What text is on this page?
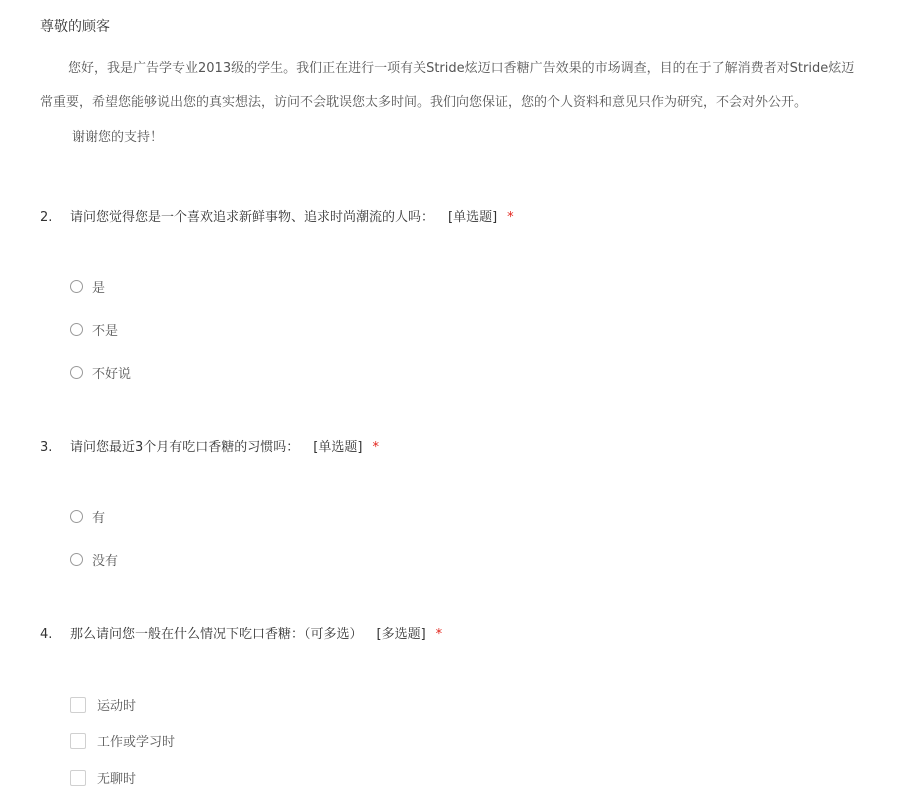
尊敬的顾客
您好，我是广告学专业2013级的学生。我们正在进行一项有关Stride炫迈口香糖广告效果的市场调查，目的在于了解消费者对Stride炫迈
常重要，希望您能够说出您的真实想法，访问不会耽误您太多时间。我们向您保证，您的个人资料和意见只作为研究，不会对外公开。
谢谢您的支持！
2. 请问您觉得您是一个喜欢追求新鲜事物、追求时尚潮流的人吗： [单选题] *
是
不是
不好说
3. 请问您最近3个月有吃口香糖的习惯吗： [单选题] *
有
没有
4. 那么请问您一般在什么情况下吃口香糖：（可多选） [多选题] *
运动时
工作或学习时
无聊时
